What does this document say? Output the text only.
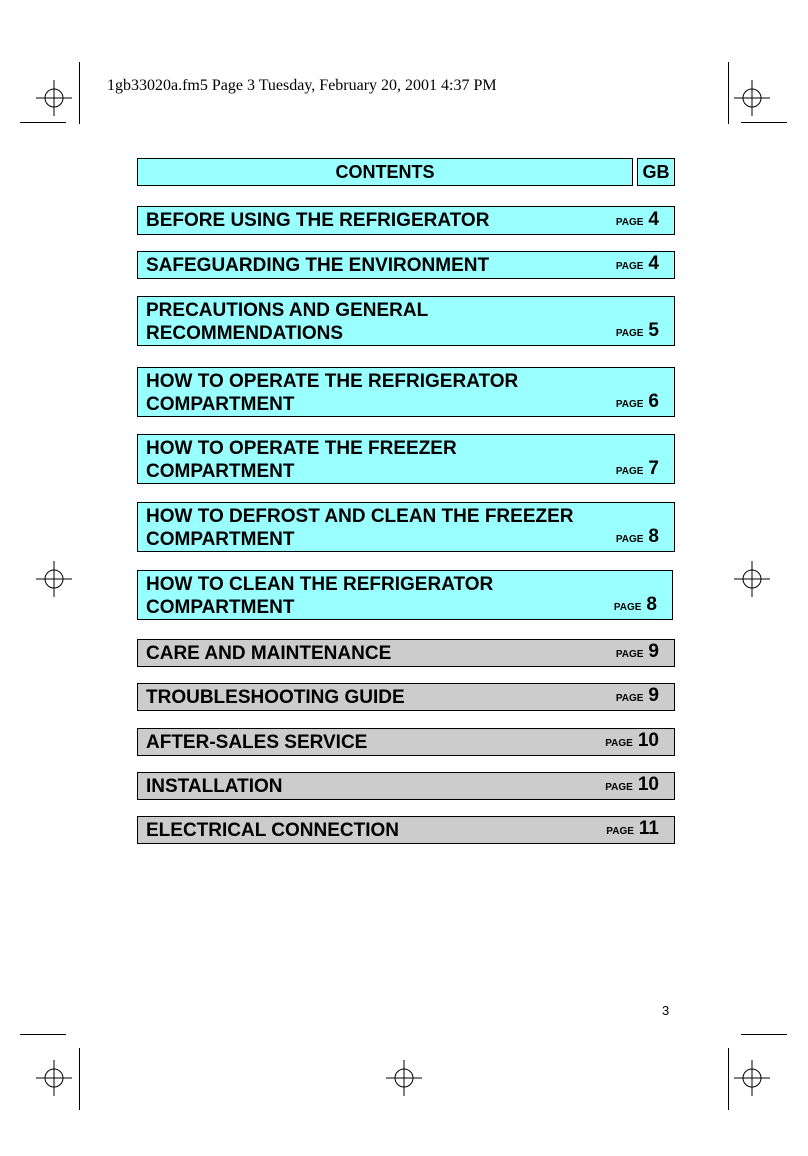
1gb33020a.fm5 Page 3 Tuesday, February 20, 2001 4:37 PM
CONTENTS	GB
BEFORE USING THE REFRIGERATOR	PAGE 4
SAFEGUARDING THE ENVIRONMENT	PAGE 4
PRECAUTIONS AND GENERAL
RECOMMENDATIONS	PAGE 5
HOW TO OPERATE THE REFRIGERATOR
COMPARTMENT	PAGE 6
HOW TO OPERATE THE FREEZER
COMPARTMENT	PAGE 7
HOW TO DEFROST AND CLEAN THE FREEZER
COMPARTMENT	PAGE 8
HOW TO CLEAN THE REFRIGERATOR
COMPARTMENT	PAGE 8
CARE AND MAINTENANCE	PAGE 9
TROUBLESHOOTING GUIDE	PAGE 9
AFTER-SALES SERVICE	PAGE 10
INSTALLATION	PAGE 10
ELECTRICAL CONNECTION	PAGE 11
3
